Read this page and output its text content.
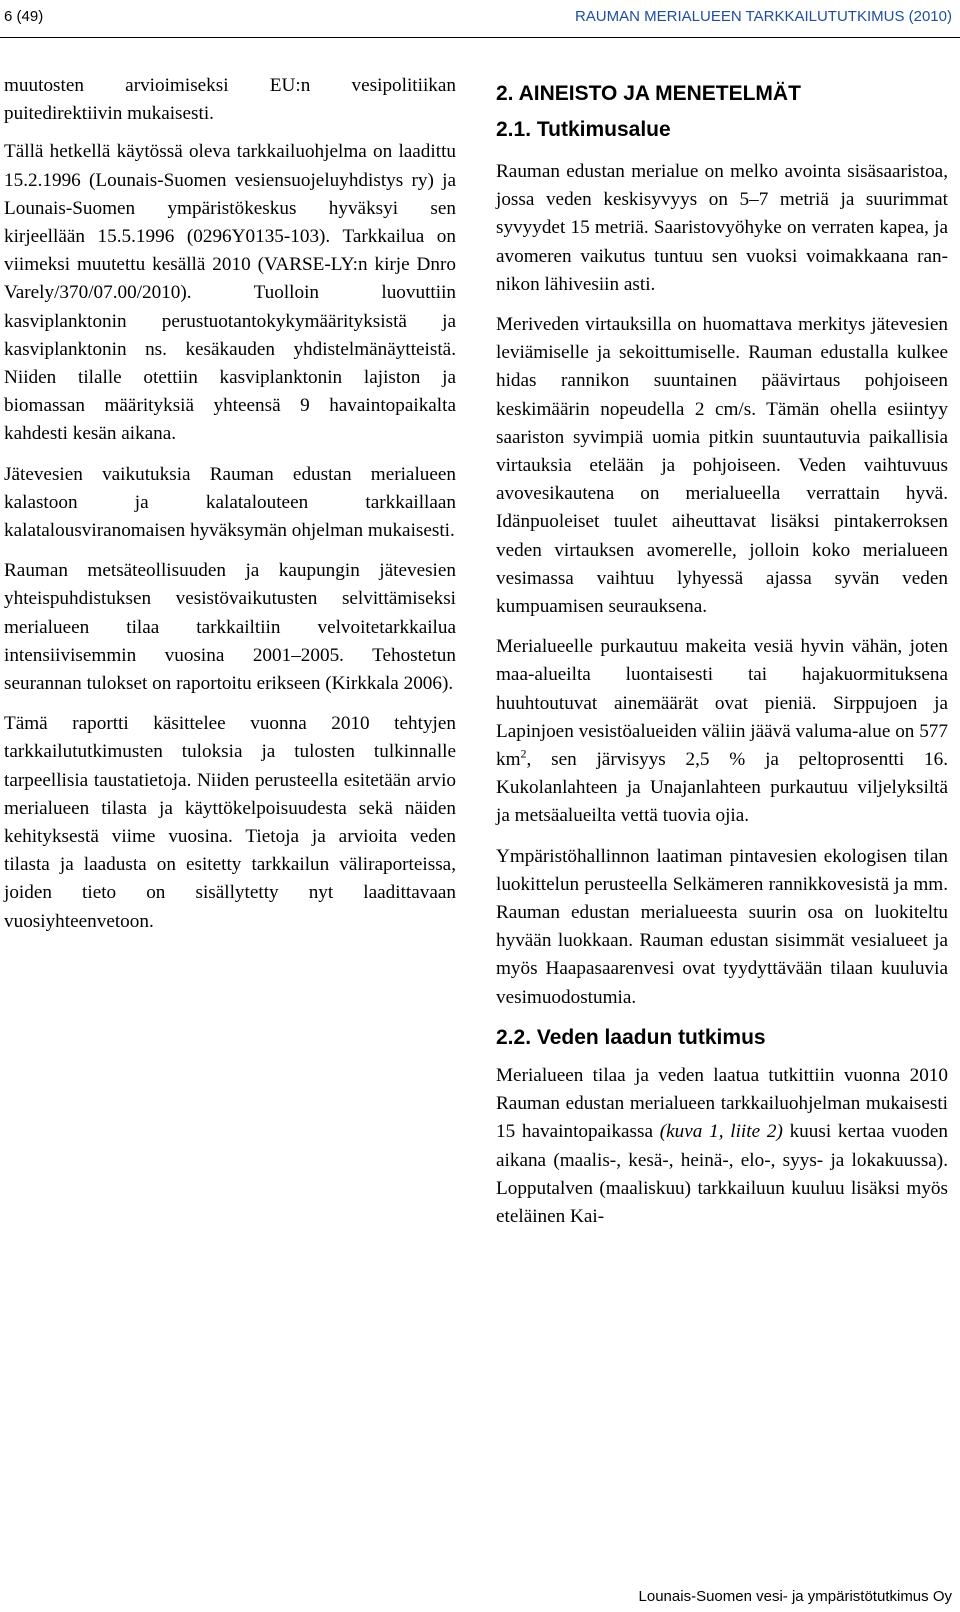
6 (49)	RAUMAN MERIALUEEN TARKKAILUTUTKIMUS (2010)

muutosten arvioimiseksi EU:n vesipolitiikan puitedirektiivin mukaisesti.

Tällä hetkellä käytössä oleva tarkkailuohjelma on laadittu 15.2.1996 (Lounais-Suomen vesiensuojeluyhdistys ry) ja Lounais-Suomen ympäristökeskus hyväksyi sen kirjeellään 15.5.1996 (0296Y0135-103). Tarkkailua on viimeksi muutettu kesällä 2010 (VARSE-LY:n kirje Dnro Varely/370/07.00/2010). Tuolloin luovuttiin kasviplanktonin perustuotantokykymäärityksistä ja kasviplanktonin ns. kesäkauden yhdistelmänäytteistä. Niiden tilalle otettiin kasviplanktonin lajiston ja biomassan määrityksiä yhteensä 9 havaintopaikalta kahdesti kesän aikana.

Jätevesien vaikutuksia Rauman edustan merialueen kalastoon ja kalatalouteen tarkkaillaan kalatalousviranomaisen hyväksymän ohjelman mukaisesti.

Rauman metsäteollisuuden ja kaupungin jätevesien yhteispuhdistuksen vesistövaikutusten selvittämiseksi merialueen tilaa tarkkailtiin velvoitetarkkailua intensiivisemmin vuosina 2001–2005. Tehostetun seurannan tulokset on raportoitu erikseen (Kirkkala 2006).

Tämä raportti käsittelee vuonna 2010 tehtyjen tarkkailututkimusten tuloksia ja tulosten tulkinnalle tarpeellisia taustatietoja. Niiden perusteella esitetään arvio merialueen tilasta ja käyttökelpoisuudesta sekä näiden kehityksestä viime vuosina. Tietoja ja arvioita veden tilasta ja laadusta on esitetty tarkkailun väliraporteissa, joiden tieto on sisällytetty nyt laadittavaan vuosiyhteenvetoon.

2. AINEISTO JA MENETELMÄT
2.1. Tutkimusalue

Rauman edustan merialue on melko avointa sisäsaaristoa, jossa veden keskisyvyys on 5–7 metriä ja suurimmat syvyydet 15 metriä. Saaristovyöhyke on verraten kapea, ja avomeren vaikutus tuntuu sen vuoksi voimakkaana rannikon lähivesiin asti.

Meriveden virtauksilla on huomattava merkitys jätevesien leviämiselle ja sekoittumiselle. Rauman edustalla kulkee hidas rannikon suuntainen päävirtaus pohjoiseen keskimäärin nopeudella 2 cm/s. Tämän ohella esiintyy saariston syvimpiä uomia pitkin suuntautuvia paikallisia virtauksia etelään ja pohjoiseen. Veden vaihtuvuus avovesikautena on merialueella verrattain hyvä. Idänpuoleiset tuulet aiheuttavat lisäksi pintakerroksen veden virtauksen avomerelle, jolloin koko merialueen vesimassa vaihtuu lyhyessä ajassa syvän veden kumpuamisen seurauksena.

Merialueelle purkautuu makeita vesiä hyvin vähän, joten maa-alueilta luontaisesti tai hajakuormituksena huuhtoutuvat ainemäärät ovat pieniä. Sirppujoen ja Lapinjoen vesistöalueiden väliin jäävä valuma-alue on 577 $km^2$, sen järvisyys 2,5 % ja peltoprosentti 16. Kukolanlahteen ja Unajanlahteen purkautuu viljelyksiltä ja metsäalueilta vettä tuovia ojia.

Ympäristöhallinnon laatiman pintavesien ekologisen tilan luokittelun perusteella Selkämeren rannikkovesistä ja mm. Rauman edustan merialueesta suurin osa on luokiteltu hyvään luokkaan. Rauman edustan sisimmät vesialueet ja myös Haapasaarenvesi ovat tyydyttävään tilaan kuuluvia vesimuodostumia.

2.2. Veden laadun tutkimus

Merialueen tilaa ja veden laatua tutkittiin vuonna 2010 Rauman edustan merialueen tarkkailuohjelman mukaisesti 15 havaintopaikassa (kuva 1, liite 2) kuusi kertaa vuoden aikana (maalis-, kesä-, heinä-, elo-, syys- ja lokakuussa). Lopputalven (maaliskuu) tarkkailuun kuuluu lisäksi myös eteläinen Kai-

Lounais-Suomen vesi- ja ympäristötutkimus Oy
